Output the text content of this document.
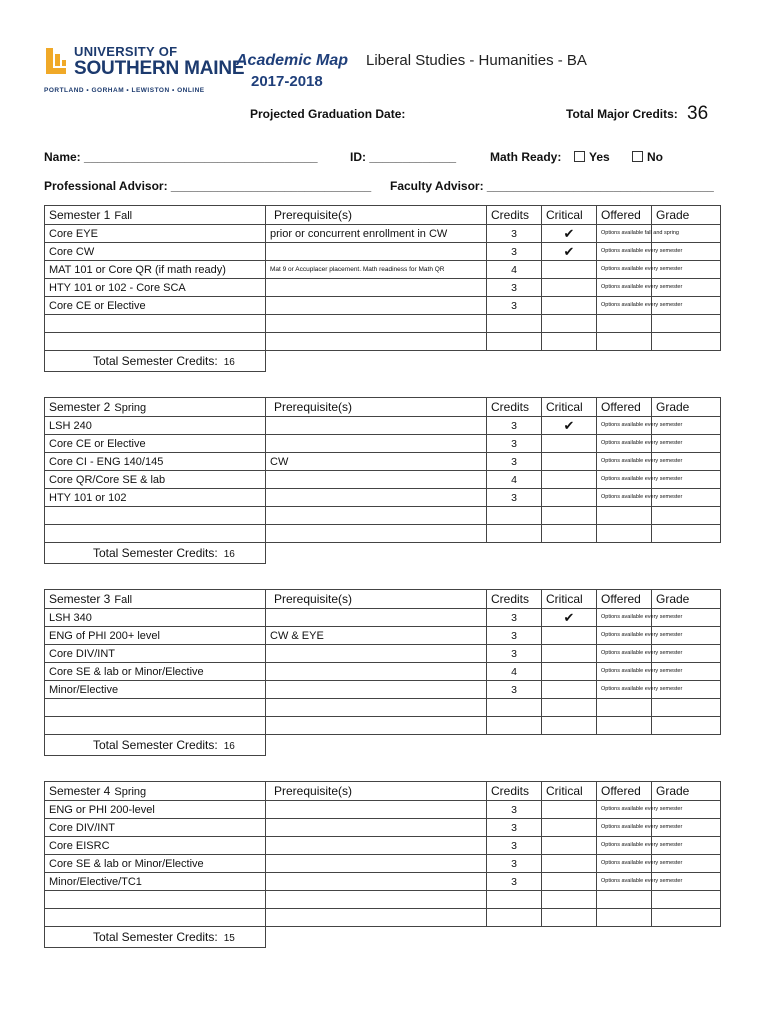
UNIVERSITY OF
SOUTHERN MAINE
PORTLAND • GORHAM • LEWISTON • ONLINE
Academic Map
2017-2018
Liberal Studies - Humanities - BA
Projected Graduation Date:	Total Major Credits: 36
Name: ___________________________________	ID: _____________	Math Ready:	Yes	No
Professional Advisor: ______________________________ Faculty Advisor: __________________________________
Semester 1 Fall	Prerequisite(s)	Credits	Critical	Offered	Grade
Core EYE	prior or concurrent enrollment in CW	3	✔	Options available fall and spring	
Core CW		3	✔	Options available every semester	
MAT 101 or Core QR (if math ready)	Mat 9 or Accuplacer placement. Math readiness for Math QR	4		Options available every semester	
HTY 101 or 102 - Core SCA		3		Options available every semester	
Core CE or Elective		3		Options available every semester	

Total Semester Credits: 16					
Semester 2 Spring	Prerequisite(s)	Credits	Critical	Offered	Grade
LSH 240		3	✔	Options available every semester	
Core CE or Elective		3		Options available every semester	
Core CI - ENG 140/145	CW	3		Options available every semester	
Core QR/Core SE & lab		4		Options available every semester	
HTY 101 or 102		3		Options available every semester	

Total Semester Credits: 16					
Semester 3 Fall	Prerequisite(s)	Credits	Critical	Offered	Grade
LSH 340		3	✔	Options available every semester	
ENG of PHI 200+ level	CW & EYE	3		Options available every semester	
Core DIV/INT		3		Options available every semester	
Core SE & lab or Minor/Elective		4		Options available every semester	
Minor/Elective		3		Options available every semester	

Total Semester Credits: 16					
Semester 4 Spring	Prerequisite(s)	Credits	Critical	Offered	Grade
ENG or PHI 200-level		3		Options available every semester	
Core DIV/INT		3		Options available every semester	
Core EISRC		3		Options available every semester	
Core SE & lab or Minor/Elective		3		Options available every semester	
Minor/Elective/TC1		3		Options available every semester	

Total Semester Credits: 15					
